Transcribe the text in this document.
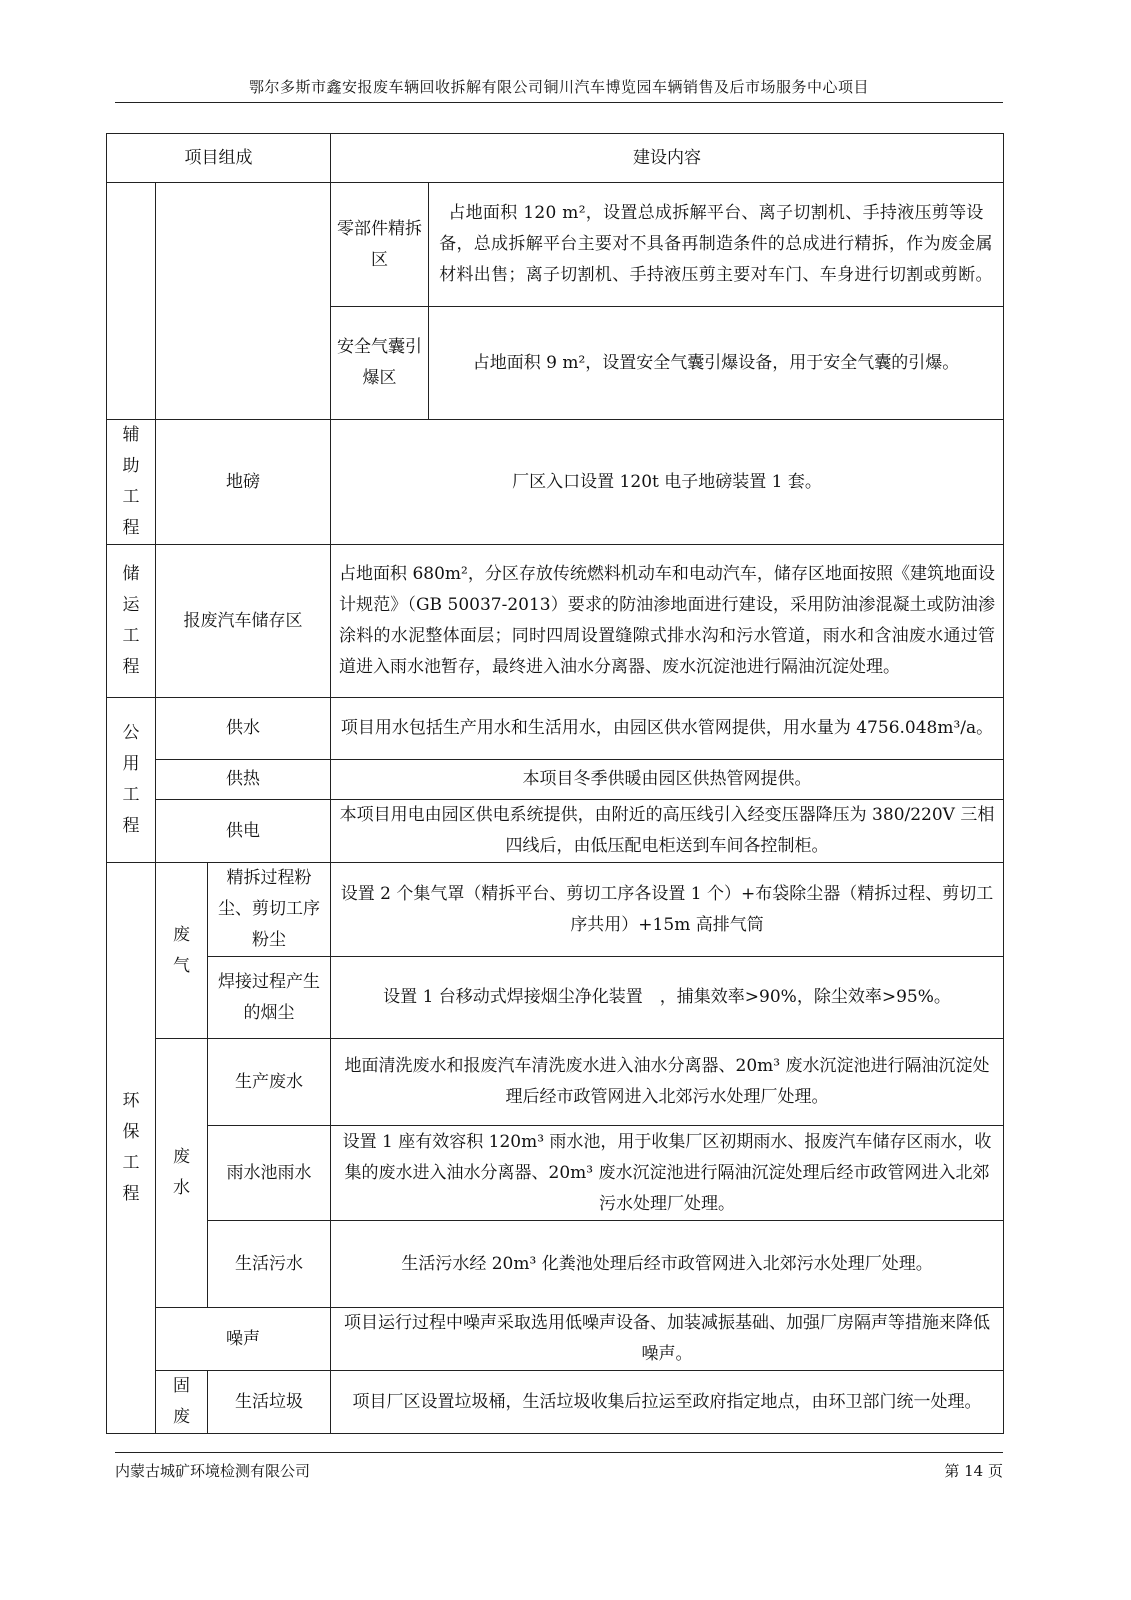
鄂尔多斯市鑫安报废车辆回收拆解有限公司铜川汽车博览园车辆销售及后市场服务中心项目
项目组成			建设内容	
			零部件精拆区	占地面积 120 m²，设置总成拆解平台、离子切割机、手持液压剪等设备，总成拆解平台主要对不具备再制造条件的总成进行精拆，作为废金属材料出售；离子切割机、手持液压剪主要对车门、车身进行切割或剪断。
			安全气囊引爆区	占地面积 9 m²，设置安全气囊引爆设备，用于安全气囊的引爆。

辅助工程	地磅		厂区入口设置 120t 电子地磅装置 1 套。	

储运工程	报废汽车储存区		占地面积 680m²，分区存放传统燃料机动车和电动汽车，储存区地面按照《建筑地面设计规范》（GB 50037-2013）要求的防油渗地面进行建设，采用防油渗混凝土或防油渗涂料的水泥整体面层；同时四周设置缝隙式排水沟和污水管道，雨水和含油废水通过管道进入雨水池暂存，最终进入油水分离器、废水沉淀池进行隔油沉淀处理。	

公用工程	供水		项目用水包括生产用水和生活用水，由园区供水管网提供，用水量为 4756.048m³/a。	
	供热		本项目冬季供暖由园区供热管网提供。	
	供电		本项目用电由园区供电系统提供，由附近的高压线引入经变压器降压为 380/220V 三相四线后，由低压配电柜送到车间各控制柜。	

环保工程	废气	精拆过程粉尘、剪切工序粉尘	设置 2 个集气罩（精拆平台、剪切工序各设置 1 个）+布袋除尘器（精拆过程、剪切工序共用）+15m 高排气筒	
		焊接过程产生的烟尘	设置 1 台移动式焊接烟尘净化装置　，捕集效率>90%，除尘效率>95%。	

	废水	生产废水	地面清洗废水和报废汽车清洗废水进入油水分离器、20m³ 废水沉淀池进行隔油沉淀处理后经市政管网进入北郊污水处理厂处理。	
		雨水池雨水	设置 1 座有效容积 120m³ 雨水池，用于收集厂区初期雨水、报废汽车储存区雨水，收集的废水进入油水分离器、20m³ 废水沉淀池进行隔油沉淀处理后经市政管网进入北郊污水处理厂处理。	
		生活污水	生活污水经 20m³ 化粪池处理后经市政管网进入北郊污水处理厂处理。	
	噪声		项目运行过程中噪声采取选用低噪声设备、加装减振基础、加强厂房隔声等措施来降低噪声。	

	固废	生活垃圾	项目厂区设置垃圾桶，生活垃圾收集后拉运至政府指定地点，由环卫部门统一处理。	
内蒙古城矿环境检测有限公司	第 14 页
